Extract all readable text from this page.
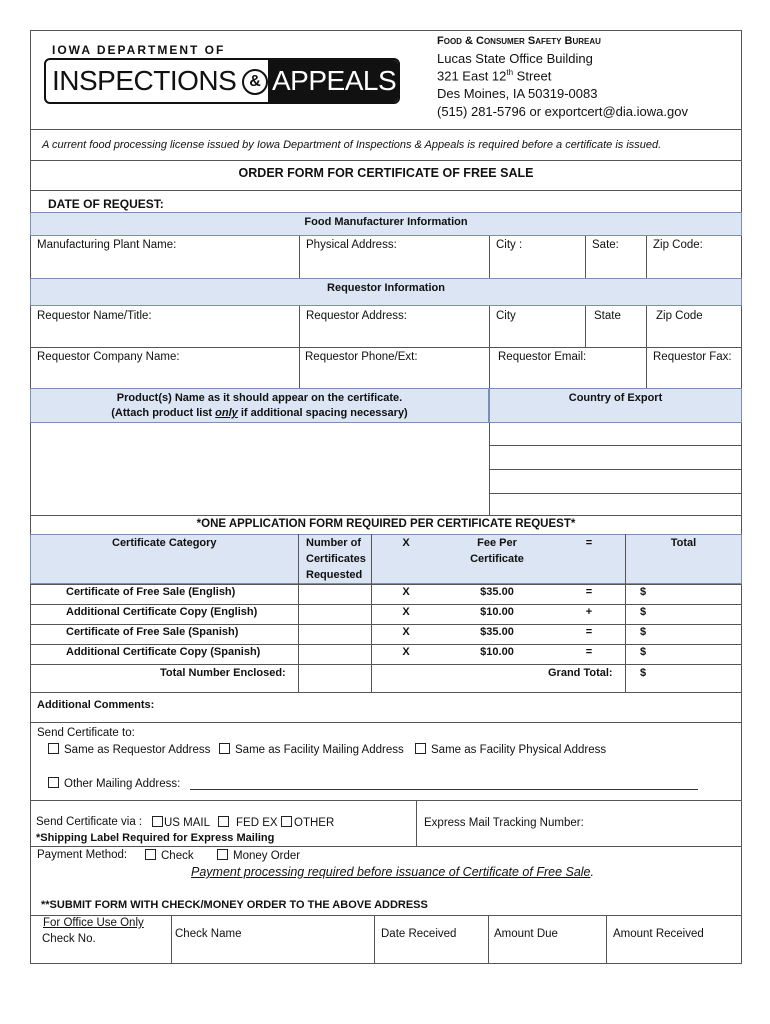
IOWA DEPARTMENT OF
INSPECTIONS & APPEALS
Food & Consumer Safety Bureau
Lucas State Office Building
321 East 12th Street
Des Moines, IA 50319-0083
(515) 281-5796 or exportcert@dia.iowa.gov
A current food processing license issued by Iowa Department of Inspections & Appeals is required before a certificate is issued.
ORDER FORM FOR CERTIFICATE OF FREE SALE
DATE OF REQUEST:
Food Manufacturer Information
Manufacturing Plant Name:	Physical Address:	City :	Sate:	Zip Code:
Requestor Information
Requestor Name/Title:	Requestor Address:	City	State	Zip Code
Requestor Company Name:	Requestor Phone/Ext:	Requestor Email:	Requestor Fax:
Product(s) Name as it should appear on the certificate.
(Attach product list only if additional spacing necessary)
Country of Export
*ONE APPLICATION FORM REQUIRED PER CERTIFICATE REQUEST*
Certificate Category	Number of
Certificates
Requested
X	Fee Per
Certificate
=	Total
Certificate of Free Sale (English)	X	$35.00	=	$
Additional Certificate Copy (English)	X	$10.00	+	$
Certificate of Free Sale (Spanish)	X	$35.00	=	$
Additional Certificate Copy (Spanish)	X	$10.00	=	$
Total Number Enclosed:	Grand Total: $
Additional Comments:
Send Certificate to:
Same as Requestor Address	Same as Facility Mailing Address	Same as Facility Physical Address
Other Mailing Address:
Send Certificate via :	US MAIL	FED EX	OTHER
*Shipping Label Required for Express Mailing
Express Mail Tracking Number:
Payment Method:	Check	Money Order
Payment processing required before issuance of Certificate of Free Sale.
**SUBMIT FORM WITH CHECK/MONEY ORDER TO THE ABOVE ADDRESS
For Office Use Only
Check No.	Check Name	Date Received	Amount Due	Amount Received
